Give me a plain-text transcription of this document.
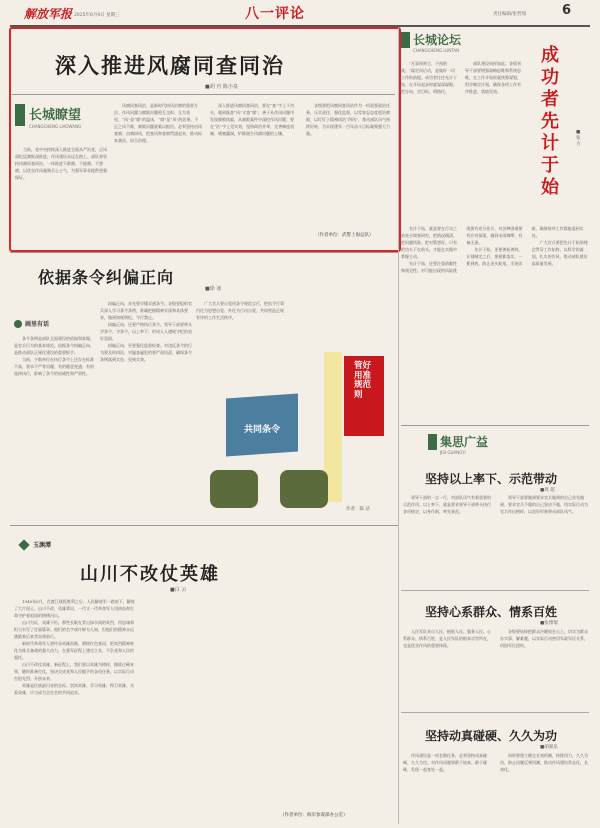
解放军报 2025年6月4日 星期三	八一评论	责任编辑/张哲瑞	6
深入推进风腐同查同治
■胡 舟 陈小泉
长城瞭望
CHANGCHENG LIAOWANG

当前，党中央持续深入推进全面从严治党，正风肃纪反腐纵深推进，作风建设永远在路上。部队要坚持风腐同查同治，一体推进不敢腐、不能腐、不想腐，以优良作风凝聚兵心士气，为强军事业提供坚强保证。

风腐同查同治，是新时代纠风治腐的重要方法。作风问题与腐败问题相互交织、互为表里，“风”是“腐”的温床，“腐”是“风”的恶果。不正之风不除，腐败问题就难以根治。必须坚持由风查腐、由腐纠风，把查风和查腐贯通起来，推动标本兼治、综合治理。

深入推进风腐同查同治，要在“查”字上下功夫，做到既查“风”又查“腐”，善于从作风问题中发现腐败线索，从腐败案件中深挖作风问题；要在“治”字上见实效，坚持纠治并举，完善制度机制，堵塞漏洞，铲除滋生风腐问题的土壤。

各级要把风腐同查同治作为一项重要政治任务，压实责任、强化监督，以零容忍态度惩治腐败，以钉钉子精神纠治“四风”，推动部队风气持续好转，为实现建军一百年奋斗目标凝聚强大力量。

（作者单位：武警上海总队）
长城论坛
CHANGCHENG LUNTAN

“凡事预则立，不预则废。”谋定而后动，是做好一切工作的前提。成功者往往先计于始，在开局起步时就谋深谋细，把方向、定目标、明路径。

部队建设同样如此。各级领导干部要增强战略思维和系统思维，在工作开始时就统筹谋划，科学制定计划，确保各项工作有序推进、落地见效。

成功者先计于始
■张力

先计于始，就是要在行动之前充分调查研究，把情况摸清、把问题找准、把对策想好。只有把功夫下在前头，才能在实践中掌握主动。

先计于始，还要注重前瞻性和预见性。对可能出现的风险挑战要有充分估计，对各种困难要有应对预案，做到未雨绸缪、有备无患。

先计于始，更要善始善终。计划制定之后，要狠抓落实，一抓到底，防止虎头蛇尾、半途而废，确保每项工作都能落到实处。

广大官兵要把先计于始的理念贯穿工作始终，以科学的谋划、扎实的作风，推动部队建设高质量发展。

依据条令纠偏正向
■徐 冰
画里有话

条令条例是部队全面建设的依据和准绳，是官兵行为的基本规范。依据条令纠偏正向，是推动部队正规化建设的重要抓手。

当前，少数单位在执行条令上还存在标准不高、要求不严等问题，有的随意变通，有的选择执行，影响了条令的权威性和严肃性。

纠偏正向，首先要学懂弄通条令。各级要组织官兵深入学习条令条例，准确把握精神实质和具体要求，做到知规明纪、令行禁止。

纠偏正向，还要严格执行条令。领导干部要带头学条令、守条令，以上率下，形成人人遵规守纪的良好氛围。

纠偏正向，更要强化监督检查。对违反条令的行为要及时纠治，对屡查屡犯的要严肃问责，确保条令条例落到实处、见到实效。

广大官兵要自觉用条令规范言行，把依令行事内化为思想自觉、外化为行动自觉，共同营造正规有序的工作生活秩序。

共同条令
管好用准规范则
作者：陈 洁
玉渊潭
山川不改仗英雄
■白 云

1949年6月，在渡江战役胜利之后，人民解放军一路南下，解放了大片国土。山川不改，英雄辈出，一代又一代革命军人用热血和生命守护着祖国的锦绣河山。

山川为证，英雄不朽。那些长眠在青山绿水间的英烈，用忠诚和担当书写了壮丽篇章。他们的名字或许鲜为人知，但他们的精神永远激励着后来者奋勇前行。

新时代革命军人要传承英雄血脉，赓续红色基因，把英烈精神转化为练兵备战的强大动力，在强军征程上建功立业，不负党和人民的重托。

山川不改仗英雄。新征程上，我们要以英雄为榜样，锤炼过硬本领，随时准备打仗，坚决完成党和人民赋予的各项任务，以实际行动告慰先烈、开创未来。

英雄是民族最闪亮的坐标。崇尚英雄、学习英雄、捍卫英雄、关爱英雄，应当成为全社会的共同追求。

（作者单位：海军参谋部办公室）
集思广益
JISI GUANGYI
坚持以上率下、示范带动
■周 超

领导干部的一言一行，对部队风气有着重要的示范作用。以上率下，就是要求领导干部带头执行各项规定，以身作则、率先垂范。

领导干部要做到要求官兵做到的自己首先做到，要求官兵不做的自己坚决不做，用实际行动为官兵作出榜样，以良好形象带动部队风气。

坚持心系群众、情系百姓
■张博瑞

人民军队来自人民、植根人民、服务人民。心系群众、情系百姓，是人民军队的根本宗旨所在，也是优良作风的重要体现。

各级要始终把群众冷暖放在心上，切实为群众办实事、解难题，以实际行动密切军政军民关系，巩固军民团结。

坚持动真碰硬、久久为功
■胡嘉乐

作风建设是一项长期任务，必须坚持动真碰硬、久久为功。对作风问题要敢于较真、敢于碰硬，发现一起查处一起。

同时要建立健全长效机制，持续用力、久久为功，防止问题反弹回潮，推动作风建设常态化、长效化。
